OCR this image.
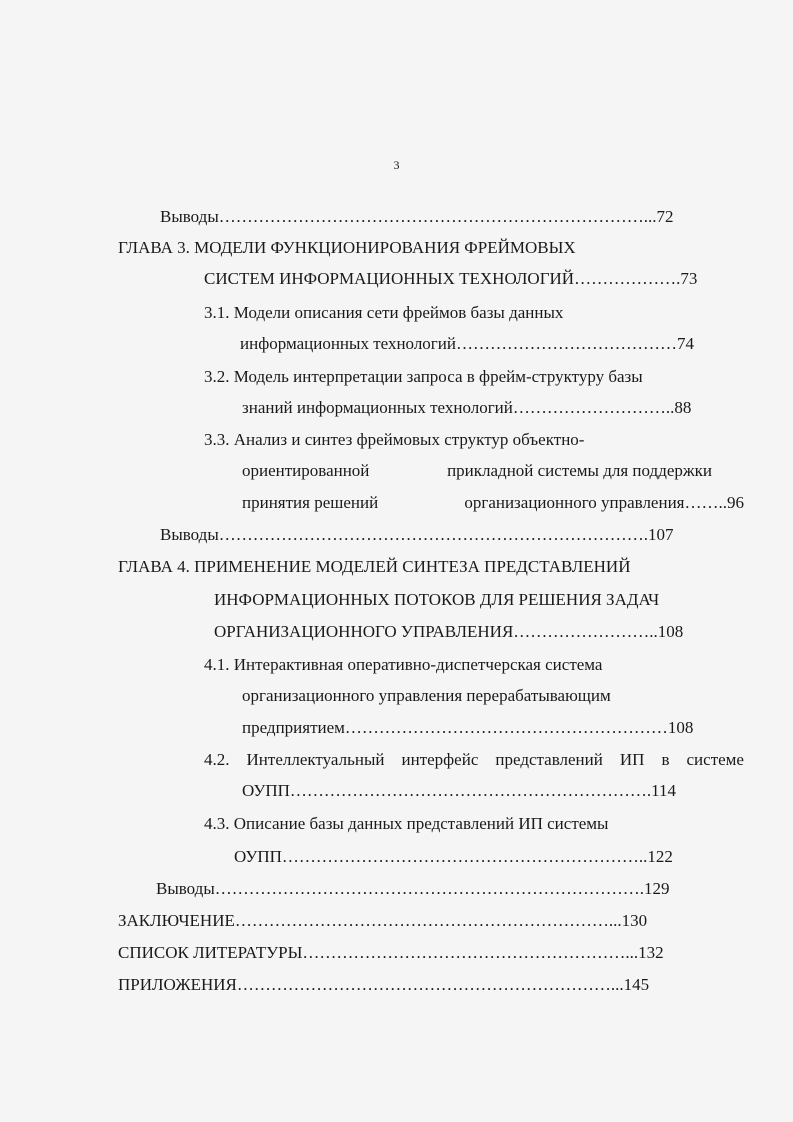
3
Выводы…………………………………………………………………...72
ГЛАВА 3. МОДЕЛИ ФУНКЦИОНИРОВАНИЯ ФРЕЙМОВЫХ
СИСТЕМ ИНФОРМАЦИОННЫХ ТЕХНОЛОГИЙ……………….73
3.1. Модели описания сети фреймов базы данных
информационных технологий…………………………………74
3.2. Модель интерпретации запроса в фрейм-структуру базы
знаний информационных технологий………………………..88
3.3. Анализ и синтез фреймовых структур объектно-
ориентированной	прикладной системы для поддержки
принятия решений	организационного управления……..96
Выводы………………………………………………………………….107
ГЛАВА 4. ПРИМЕНЕНИЕ МОДЕЛЕЙ СИНТЕЗА ПРЕДСТАВЛЕНИЙ
ИНФОРМАЦИОННЫХ ПОТОКОВ ДЛЯ РЕШЕНИЯ ЗАДАЧ
ОРГАНИЗАЦИОННОГО УПРАВЛЕНИЯ……………………..108
4.1. Интерактивная оперативно-диспетчерская система
организационного управления перерабатывающим
предприятием…………………………………………………108
4.2. Интеллектуальный интерфейс представлений ИП в системе
ОУПП……………………………………………………….114
4.3. Описание базы данных представлений ИП системы
ОУПП………………………………………………………..122
Выводы………………………………………………………………….129
ЗАКЛЮЧЕНИЕ…………………………………………………………...130
СПИСОК ЛИТЕРАТУРЫ…………………………………………………...132
ПРИЛОЖЕНИЯ…………………………………………………………...145
